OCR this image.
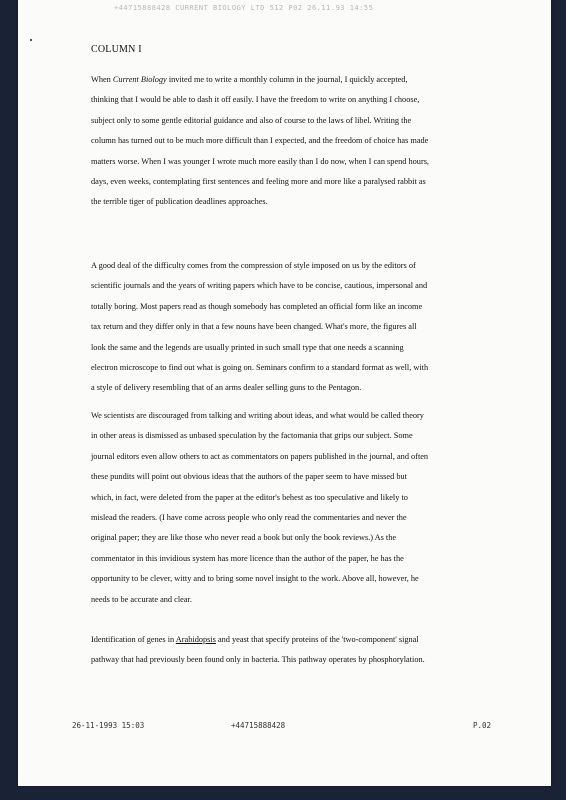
+44715888428 CURRENT BIOLOGY LTD 512 P02 26.11.93 14:55
COLUMN I
When Current Biology invited me to write a monthly column in the journal, I quickly accepted,
thinking that I would be able to dash it off easily. I have the freedom to write on anything I choose,
subject only to some gentle editorial guidance and also of course to the laws of libel. Writing the
column has turned out to be much more difficult than I expected, and the freedom of choice has made
matters worse. When I was younger I wrote much more easily than I do now, when I can spend hours,
days, even weeks, contemplating first sentences and feeling more and more like a paralysed rabbit as
the terrible tiger of publication deadlines approaches.
A good deal of the difficulty comes from the compression of style imposed on us by the editors of
scientific journals and the years of writing papers which have to be concise, cautious, impersonal and
totally boring. Most papers read as though somebody has completed an official form like an income
tax return and they differ only in that a few nouns have been changed. What's more, the figures all
look the same and the legends are usually printed in such small type that one needs a scanning
electron microscope to find out what is going on. Seminars confirm to a standard format as well, with
a style of delivery resembling that of an arms dealer selling guns to the Pentagon.
We scientists are discouraged from talking and writing about ideas, and what would be called theory
in other areas is dismissed as unbased speculation by the factomania that grips our subject. Some
journal editors even allow others to act as commentators on papers published in the journal, and often
these pundits will point out obvious ideas that the authors of the paper seem to have missed but
which, in fact, were deleted from the paper at the editor's behest as too speculative and likely to
mislead the readers. (I have come across people who only read the commentaries and never the
original paper; they are like those who never read a book but only the book reviews.) As the
commentator in this invidious system has more licence than the author of the paper, he has the
opportunity to be clever, witty and to bring some novel insight to the work. Above all, however, he
needs to be accurate and clear.
Identification of genes in Arabidopsis and yeast that specify proteins of the 'two-component' signal
pathway that had previously been found only in bacteria. This pathway operates by phosphorylation.
26-11-1993 15:03	+44715888428	P.02
